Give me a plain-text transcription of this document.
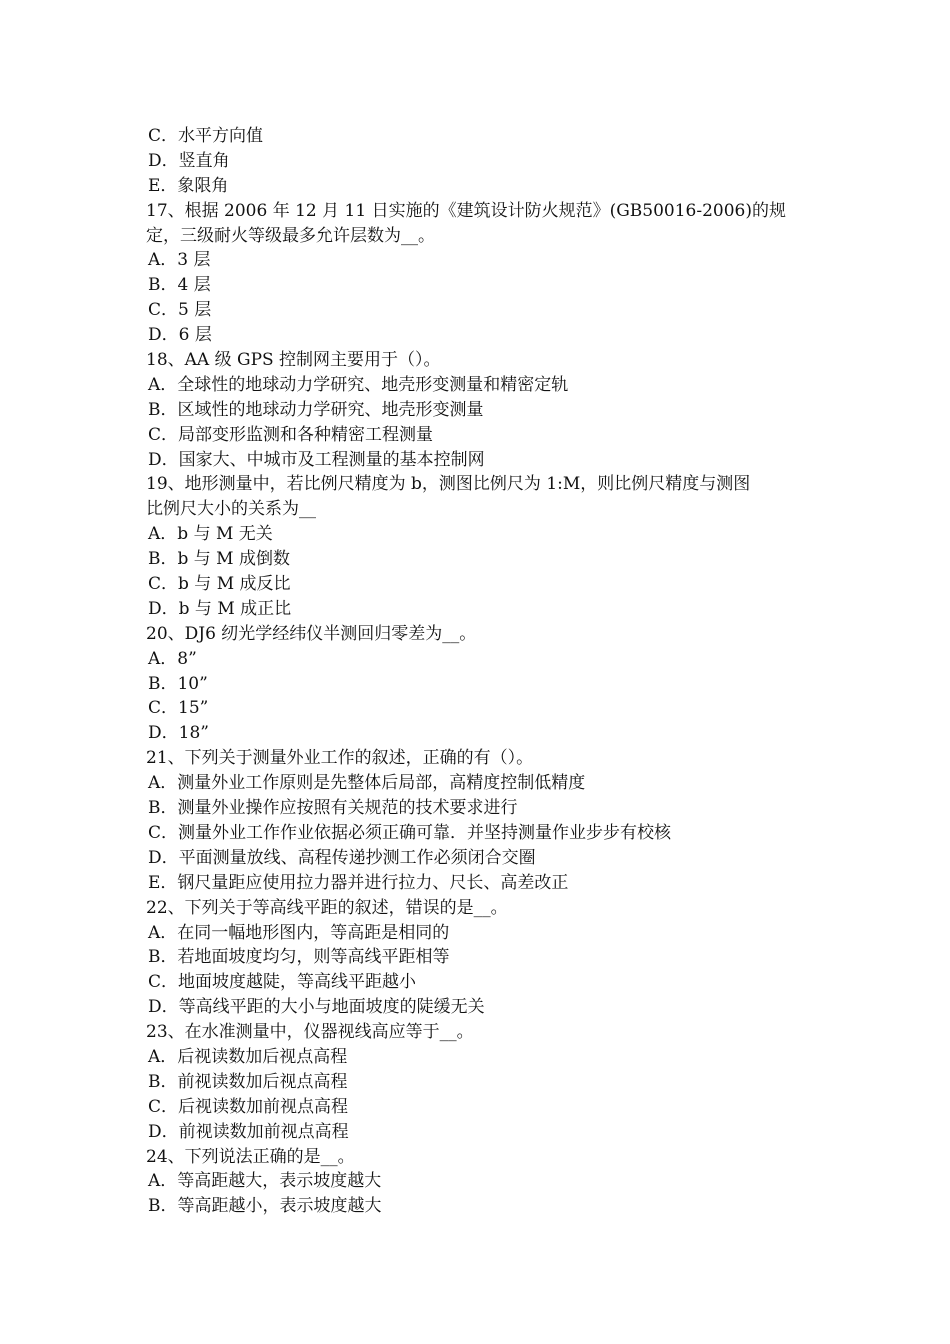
C．水平方向值
D．竖直角
E．象限角
17、根据 2006 年 12 月 11 日实施的《建筑设计防火规范》(GB50016-2006)的规
定，三级耐火等级最多允许层数为__。
A．3 层
B．4 层
C．5 层
D．6 层
18、AA 级 GPS 控制网主要用于（）。
A．全球性的地球动力学研究、地壳形变测量和精密定轨
B．区域性的地球动力学研究、地壳形变测量
C．局部变形监测和各种精密工程测量
D．国家大、中城市及工程测量的基本控制网
19、地形测量中，若比例尺精度为 b，测图比例尺为 1:M，则比例尺精度与测图
比例尺大小的关系为__
A．b 与 M 无关
B．b 与 M 成倒数
C．b 与 M 成反比
D．b 与 M 成正比
20、DJ6 纫光学经纬仪半测回归零差为__。
A．8”
B．10”
C．15”
D．18”
21、下列关于测量外业工作的叙述，正确的有（）。
A．测量外业工作原则是先整体后局部，高精度控制低精度
B．测量外业操作应按照有关规范的技术要求进行
C．测量外业工作作业依据必须正确可靠．并坚持测量作业步步有校核
D．平面测量放线、高程传递抄测工作必须闭合交圈
E．钢尺量距应使用拉力器并进行拉力、尺长、高差改正
22、下列关于等高线平距的叙述，错误的是__。
A．在同一幅地形图内，等高距是相同的
B．若地面坡度均匀，则等高线平距相等
C．地面坡度越陡，等高线平距越小
D．等高线平距的大小与地面坡度的陡缓无关
23、在水准测量中，仪器视线高应等于__。
A．后视读数加后视点高程
B．前视读数加后视点高程
C．后视读数加前视点高程
D．前视读数加前视点高程
24、下列说法正确的是__。
A．等高距越大，表示坡度越大
B．等高距越小，表示坡度越大
